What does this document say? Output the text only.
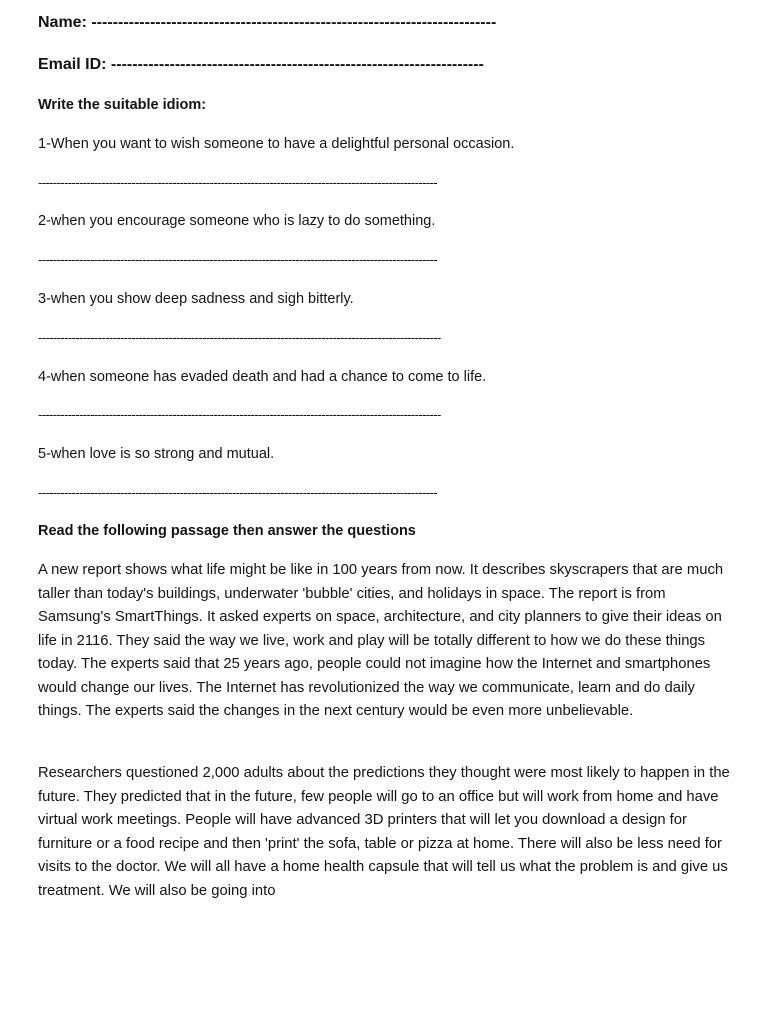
Name: ----------------------------------------------------------------------------
Email ID: ----------------------------------------------------------------------
Write the suitable idiom:
1-When you want to wish someone to have a delightful personal occasion.
-----------------------------------------------------------------------------------------------------------
2-when you encourage someone who is lazy to do something.
-----------------------------------------------------------------------------------------------------------
3-when you show deep sadness and sigh bitterly.
------------------------------------------------------------------------------------------------------------
4-when someone has evaded death and had a chance to come to life.
------------------------------------------------------------------------------------------------------------
5-when love is so strong and mutual.
-----------------------------------------------------------------------------------------------------------
Read the following passage then answer the questions

A new report shows what life might be like in 100 years from now. It describes skyscrapers that are much taller than today's buildings, underwater 'bubble' cities, and holidays in space. The report is from Samsung's SmartThings. It asked experts on space, architecture, and city planners to give their ideas on life in 2116. They said the way we live, work and play will be totally different to how we do these things today. The experts said that 25 years ago, people could not imagine how the Internet and smartphones would change our lives. The Internet has revolutionized the way we communicate, learn and do daily things. The experts said the changes in the next century would be even more unbelievable.

Researchers questioned 2,000 adults about the predictions they thought were most likely to happen in the future. They predicted that in the future, few people will go to an office but will work from home and have virtual work meetings. People will have advanced 3D printers that will let you download a design for furniture or a food recipe and then 'print' the sofa, table or pizza at home. There will also be less need for visits to the doctor. We will all have a home health capsule that will tell us what the problem is and give us treatment. We will also be going into
